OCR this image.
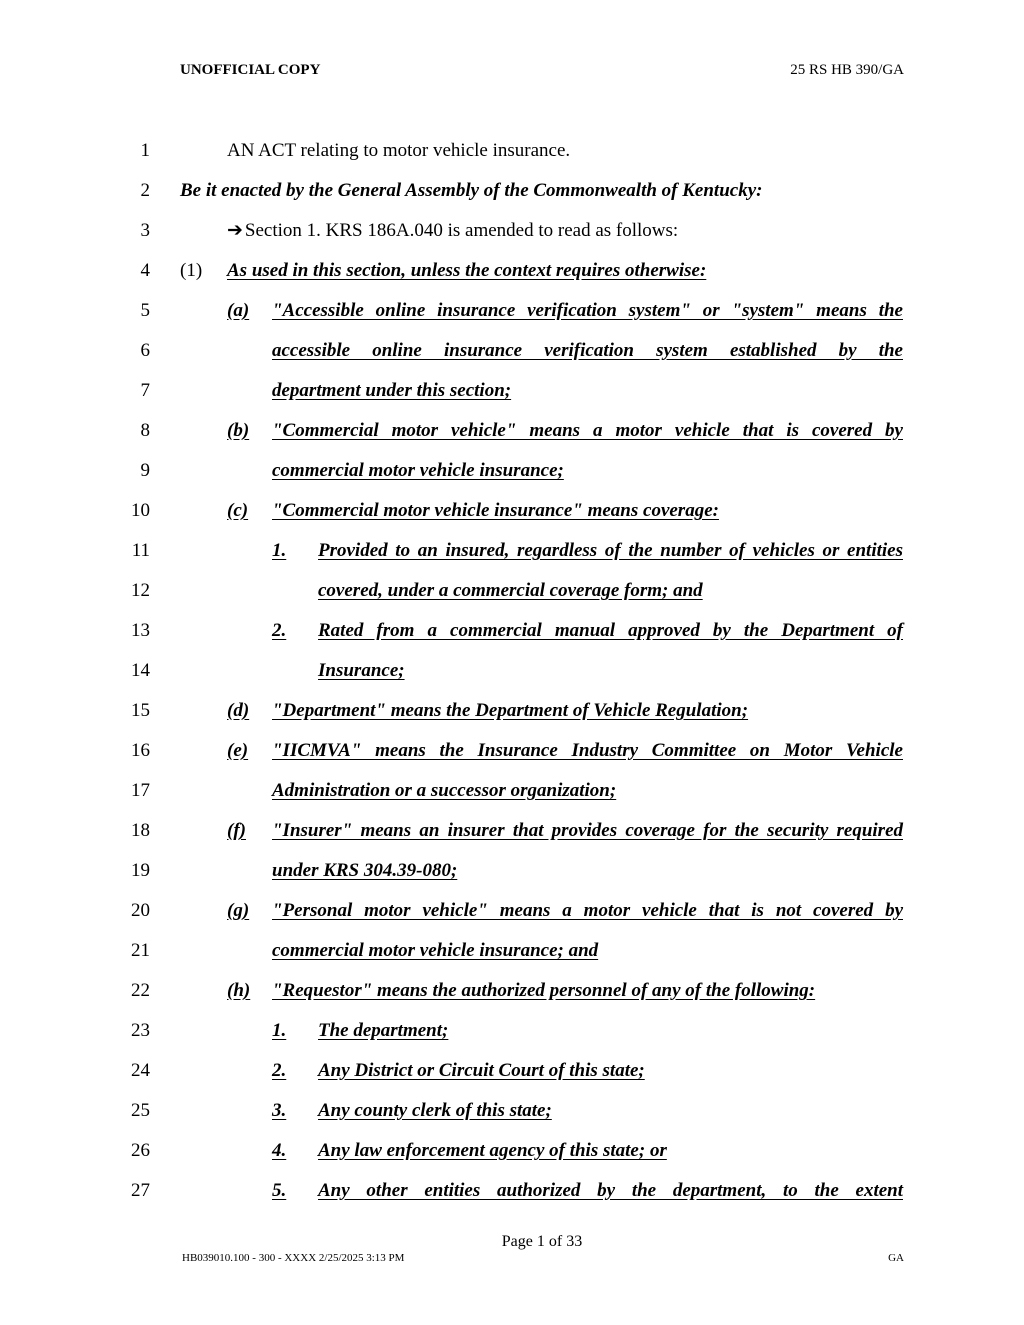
UNOFFICIAL COPY	25 RS HB 390/GA
1	AN ACT relating to motor vehicle insurance.
2 Be it enacted by the General Assembly of the Commonwealth of Kentucky:
3	➔ Section 1. KRS 186A.040 is amended to read as follows:
4 (1) As used in this section, unless the context requires otherwise:
5	(a) "Accessible online insurance verification system" or "system" means the
6	accessible online insurance verification system established by the
7	department under this section;
8	(b) "Commercial motor vehicle" means a motor vehicle that is covered by
9	commercial motor vehicle insurance;
10	(c) "Commercial motor vehicle insurance" means coverage:
11	1. Provided to an insured, regardless of the number of vehicles or entities
12	covered, under a commercial coverage form; and
13	2. Rated from a commercial manual approved by the Department of
14	Insurance;
15	(d) "Department" means the Department of Vehicle Regulation;
16	(e) "IICMVA" means the Insurance Industry Committee on Motor Vehicle
17	Administration or a successor organization;
18	(f) "Insurer" means an insurer that provides coverage for the security required
19	under KRS 304.39-080;
20	(g) "Personal motor vehicle" means a motor vehicle that is not covered by
21	commercial motor vehicle insurance; and
22	(h) "Requestor" means the authorized personnel of any of the following:
23	1. The department;
24	2. Any District or Circuit Court of this state;
25	3. Any county clerk of this state;
26	4. Any law enforcement agency of this state; or
27	5. Any other entities authorized by the department, to the extent
Page 1 of 33
HB039010.100 - 300 - XXXX 2/25/2025 3:13 PM	GA
